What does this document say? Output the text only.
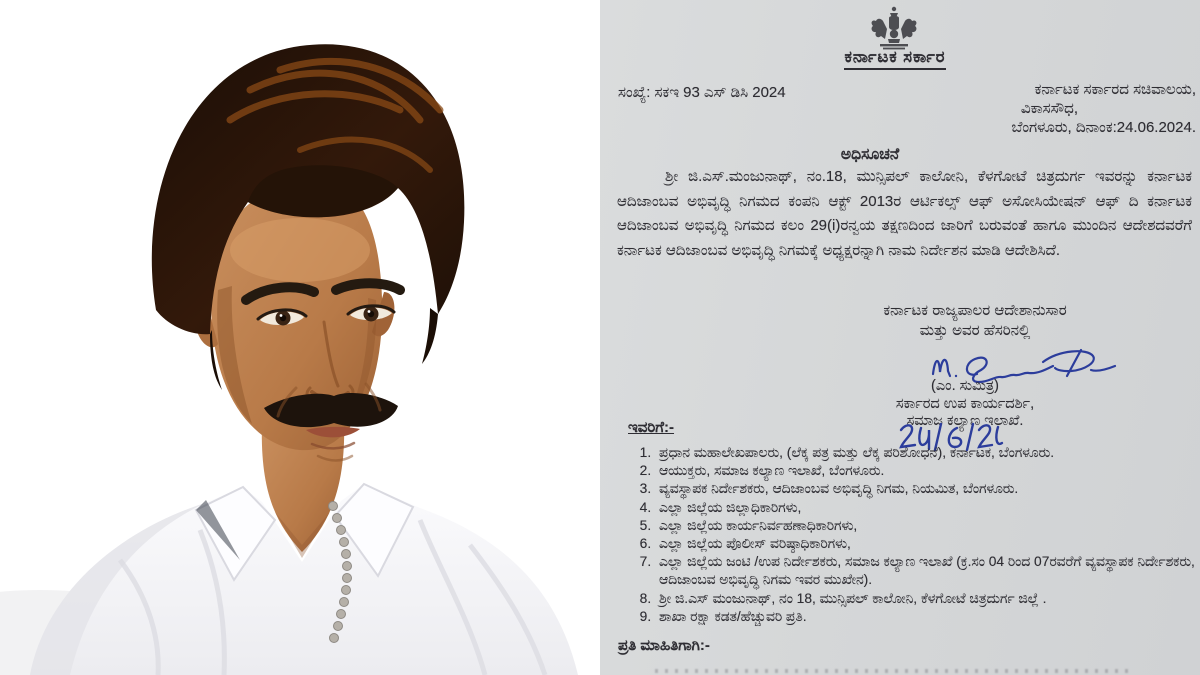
ಕರ್ನಾಟಕ ಸರ್ಕಾರ
ಸಂಖ್ಯೆ: ಸಕಇ 93 ಎಸ್ ಡಿಸಿ 2024	ಕರ್ನಾಟಕ ಸರ್ಕಾರದ ಸಚಿವಾಲಯ,
ವಿಕಾಸಸೌಧ,
ಬೆಂಗಳೂರು, ದಿನಾಂಕ:24.06.2024.
ಅಧಿಸೂಚನೆ

ಶ್ರೀ ಜಿ.ಎಸ್.ಮಂಜುನಾಥ್, ನಂ.18, ಮುನ್ಸಿಪಲ್ ಕಾಲೋನಿ, ಕೆಳಗೋಟೆ ಚಿತ್ರದುರ್ಗ ಇವರನ್ನು ಕರ್ನಾಟಕ ಆದಿಜಾಂಬವ ಅಭಿವೃದ್ಧಿ ನಿಗಮದ ಕಂಪನಿ ಆಕ್ಟ್ 2013ರ ಆರ್ಟಿಕಲ್ಸ್ ಆಫ್ ಅಸೋಸಿಯೇಷನ್ ಆಫ್ ದಿ ಕರ್ನಾಟಕ ಆದಿಜಾಂಬವ ಅಭಿವೃದ್ಧಿ ನಿಗಮದ ಕಲಂ 29(i)ರನ್ವಯ ತಕ್ಷಣದಿಂದ ಜಾರಿಗೆ ಬರುವಂತೆ ಹಾಗೂ ಮುಂದಿನ ಆದೇಶದವರೆಗೆ ಕರ್ನಾಟಕ ಆದಿಜಾಂಬವ ಅಭಿವೃದ್ಧಿ ನಿಗಮಕ್ಕೆ ಅಧ್ಯಕ್ಷರನ್ನಾಗಿ ನಾಮ ನಿರ್ದೇಶನ ಮಾಡಿ ಆದೇಶಿಸಿದೆ.

ಕರ್ನಾಟಕ ರಾಜ್ಯಪಾಲರ ಆದೇಶಾನುಸಾರ
ಮತ್ತು ಅವರ ಹೆಸರಿನಲ್ಲಿ
(ಎಂ. ಸುಮಿತ್ರ)
ಸರ್ಕಾರದ ಉಪ ಕಾರ್ಯದರ್ಶಿ,
ಸಮಾಜ ಕಲ್ಯಾಣ ಇಲಾಖೆ.
ಇವರಿಗೆ:-
1. ಪ್ರಧಾನ ಮಹಾಲೇಖಪಾಲರು, (ಲೆಕ್ಕ ಪತ್ರ ಮತ್ತು ಲೆಕ್ಕ ಪರಿಶೋಧನೆ), ಕರ್ನಾಟಕ, ಬೆಂಗಳೂರು.
2. ಆಯುಕ್ತರು, ಸಮಾಜ ಕಲ್ಯಾಣ ಇಲಾಖೆ, ಬೆಂಗಳೂರು.
3. ವ್ಯವಸ್ಥಾಪಕ ನಿರ್ದೇಶಕರು, ಆದಿಜಾಂಬವ ಅಭಿವೃದ್ಧಿ ನಿಗಮ, ನಿಯಮಿತ, ಬೆಂಗಳೂರು.
4. ಎಲ್ಲಾ ಜಿಲ್ಲೆಯ ಜಿಲ್ಲಾಧಿಕಾರಿಗಳು,
5. ಎಲ್ಲಾ ಜಿಲ್ಲೆಯ ಕಾರ್ಯನಿರ್ವಹಣಾಧಿಕಾರಿಗಳು,
6. ಎಲ್ಲಾ ಜಿಲ್ಲೆಯ ಪೊಲೀಸ್ ವರಿಷ್ಠಾಧಿಕಾರಿಗಳು,
7. ಎಲ್ಲಾ ಜಿಲ್ಲೆಯ ಜಂಟಿ /ಉಪ ನಿರ್ದೇಶಕರು, ಸಮಾಜ ಕಲ್ಯಾಣ ಇಲಾಖೆ (ಕ್ರ.ಸಂ 04 ರಿಂದ 07ರವರೆಗೆ ವ್ಯವಸ್ಥಾಪಕ ನಿರ್ದೇಶಕರು, ಆದಿಜಾಂಬವ ಅಭಿವೃದ್ಧಿ ನಿಗಮ ಇವರ ಮುಖೇನ).
8. ಶ್ರೀ ಜಿ.ಎಸ್ ಮಂಜುನಾಥ್, ನಂ 18, ಮುನ್ಸಿಪಲ್ ಕಾಲೋನಿ, ಕೆಳಗೋಟೆ ಚಿತ್ರದುರ್ಗ ಜಿಲ್ಲೆ .
9. ಶಾಖಾ ರಕ್ಷಾ ಕಡತ/ಹೆಚ್ಚುವರಿ ಪ್ರತಿ.
ಪ್ರತಿ ಮಾಹಿತಿಗಾಗಿ:-
